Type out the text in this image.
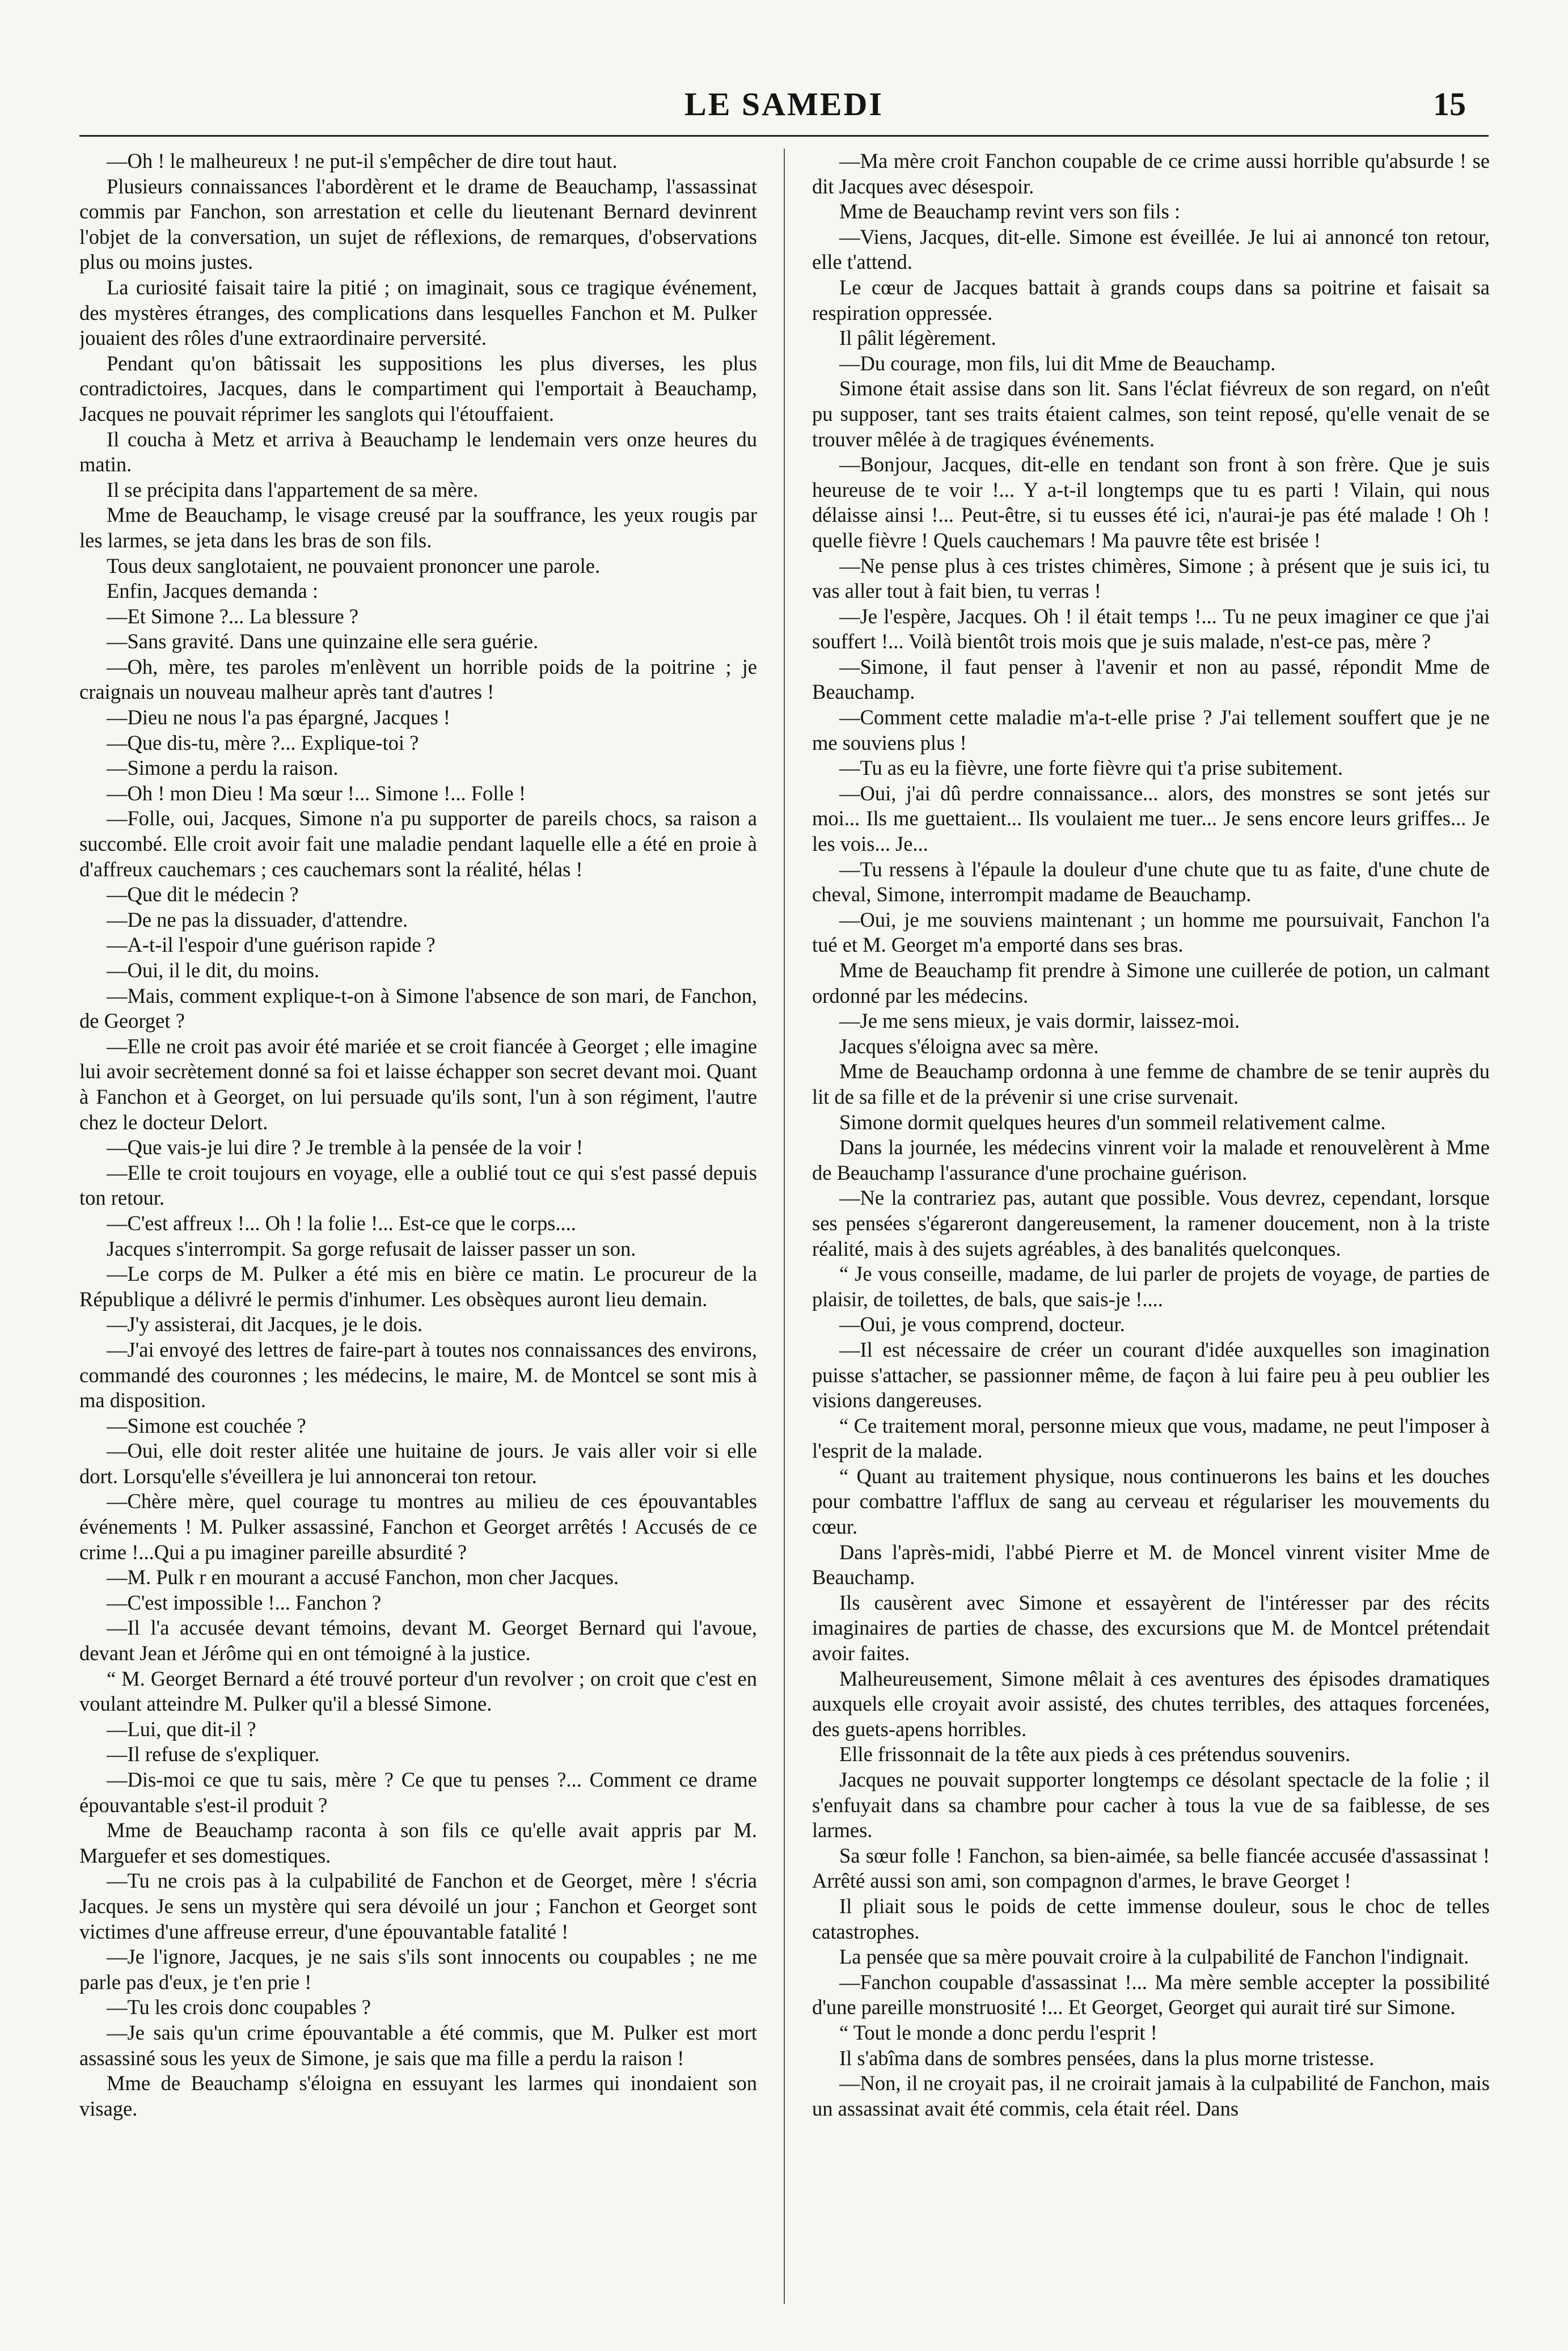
LE SAMEDI	15

—Oh ! le malheureux ! ne put-il s'empêcher de dire tout haut.

Plusieurs connaissances l'abordèrent et le drame de Beauchamp, l'assassinat commis par Fanchon, son arrestation et celle du lieutenant Bernard devinrent l'objet de la conversation, un sujet de réflexions, de remarques, d'observations plus ou moins justes.

La curiosité faisait taire la pitié ; on imaginait, sous ce tragique événement, des mystères étranges, des complications dans lesquelles Fanchon et M. Pulker jouaient des rôles d'une extraordinaire perversité.

Pendant qu'on bâtissait les suppositions les plus diverses, les plus contradictoires, Jacques, dans le compartiment qui l'emportait à Beauchamp, Jacques ne pouvait réprimer les sanglots qui l'étouffaient.

Il coucha à Metz et arriva à Beauchamp le lendemain vers onze heures du matin.

Il se précipita dans l'appartement de sa mère.

Mme de Beauchamp, le visage creusé par la souffrance, les yeux rougis par les larmes, se jeta dans les bras de son fils.

Tous deux sanglotaient, ne pouvaient prononcer une parole.

Enfin, Jacques demanda :

—Et Simone ?... La blessure ?

—Sans gravité. Dans une quinzaine elle sera guérie.

—Oh, mère, tes paroles m'enlèvent un horrible poids de la poitrine ; je craignais un nouveau malheur après tant d'autres !

—Dieu ne nous l'a pas épargné, Jacques !

—Que dis-tu, mère ?... Explique-toi ?

—Simone a perdu la raison.

—Oh ! mon Dieu ! Ma sœur !... Simone !... Folle !

—Folle, oui, Jacques, Simone n'a pu supporter de pareils chocs, sa raison a succombé. Elle croit avoir fait une maladie pendant laquelle elle a été en proie à d'affreux cauchemars ; ces cauchemars sont la réalité, hélas !

—Que dit le médecin ?

—De ne pas la dissuader, d'attendre.

—A-t-il l'espoir d'une guérison rapide ?

—Oui, il le dit, du moins.

—Mais, comment explique-t-on à Simone l'absence de son mari, de Fanchon, de Georget ?

—Elle ne croit pas avoir été mariée et se croit fiancée à Georget ; elle imagine lui avoir secrètement donné sa foi et laisse échapper son secret devant moi. Quant à Fanchon et à Georget, on lui persuade qu'ils sont, l'un à son régiment, l'autre chez le docteur Delort.

—Que vais-je lui dire ? Je tremble à la pensée de la voir !

—Elle te croit toujours en voyage, elle a oublié tout ce qui s'est passé depuis ton retour.

—C'est affreux !... Oh ! la folie !... Est-ce que le corps....

Jacques s'interrompit. Sa gorge refusait de laisser passer un son.

—Le corps de M. Pulker a été mis en bière ce matin. Le procureur de la République a délivré le permis d'inhumer. Les obsèques auront lieu demain.

—J'y assisterai, dit Jacques, je le dois.

—J'ai envoyé des lettres de faire-part à toutes nos connaissances des environs, commandé des couronnes ; les médecins, le maire, M. de Montcel se sont mis à ma disposition.

—Simone est couchée ?

—Oui, elle doit rester alitée une huitaine de jours. Je vais aller voir si elle dort. Lorsqu'elle s'éveillera je lui annoncerai ton retour.

—Chère mère, quel courage tu montres au milieu de ces épouvantables événements ! M. Pulker assassiné, Fanchon et Georget arrêtés ! Accusés de ce crime !...Qui a pu imaginer pareille absurdité ?

—M. Pulk r en mourant a accusé Fanchon, mon cher Jacques.

—C'est impossible !... Fanchon ?

—Il l'a accusée devant témoins, devant M. Georget Bernard qui l'avoue, devant Jean et Jérôme qui en ont témoigné à la justice.

“ M. Georget Bernard a été trouvé porteur d'un revolver ; on croit que c'est en voulant atteindre M. Pulker qu'il a blessé Simone.

—Lui, que dit-il ?

—Il refuse de s'expliquer.

—Dis-moi ce que tu sais, mère ? Ce que tu penses ?... Comment ce drame épouvantable s'est-il produit ?

Mme de Beauchamp raconta à son fils ce qu'elle avait appris par M. Marguefer et ses domestiques.

—Tu ne crois pas à la culpabilité de Fanchon et de Georget, mère ! s'écria Jacques. Je sens un mystère qui sera dévoilé un jour ; Fanchon et Georget sont victimes d'une affreuse erreur, d'une épouvantable fatalité !

—Je l'ignore, Jacques, je ne sais s'ils sont innocents ou coupables ; ne me parle pas d'eux, je t'en prie !

—Tu les crois donc coupables ?

—Je sais qu'un crime épouvantable a été commis, que M. Pulker est mort assassiné sous les yeux de Simone, je sais que ma fille a perdu la raison !

Mme de Beauchamp s'éloigna en essuyant les larmes qui inondaient son visage.

—Ma mère croit Fanchon coupable de ce crime aussi horrible qu'absurde ! se dit Jacques avec désespoir.

Mme de Beauchamp revint vers son fils :

—Viens, Jacques, dit-elle. Simone est éveillée. Je lui ai annoncé ton retour, elle t'attend.

Le cœur de Jacques battait à grands coups dans sa poitrine et faisait sa respiration oppressée.

Il pâlit légèrement.

—Du courage, mon fils, lui dit Mme de Beauchamp.

Simone était assise dans son lit. Sans l'éclat fiévreux de son regard, on n'eût pu supposer, tant ses traits étaient calmes, son teint reposé, qu'elle venait de se trouver mêlée à de tragiques événements.

—Bonjour, Jacques, dit-elle en tendant son front à son frère. Que je suis heureuse de te voir !... Y a-t-il longtemps que tu es parti ! Vilain, qui nous délaisse ainsi !... Peut-être, si tu eusses été ici, n'aurai-je pas été malade ! Oh ! quelle fièvre ! Quels cauchemars ! Ma pauvre tête est brisée !

—Ne pense plus à ces tristes chimères, Simone ; à présent que je suis ici, tu vas aller tout à fait bien, tu verras !

—Je l'espère, Jacques. Oh ! il était temps !... Tu ne peux imaginer ce que j'ai souffert !... Voilà bientôt trois mois que je suis malade, n'est-ce pas, mère ?

—Simone, il faut penser à l'avenir et non au passé, répondit Mme de Beauchamp.

—Comment cette maladie m'a-t-elle prise ? J'ai tellement souffert que je ne me souviens plus !

—Tu as eu la fièvre, une forte fièvre qui t'a prise subitement.

—Oui, j'ai dû perdre connaissance... alors, des monstres se sont jetés sur moi... Ils me guettaient... Ils voulaient me tuer... Je sens encore leurs griffes... Je les vois... Je...

—Tu ressens à l'épaule la douleur d'une chute que tu as faite, d'une chute de cheval, Simone, interrompit madame de Beauchamp.

—Oui, je me souviens maintenant ; un homme me poursuivait, Fanchon l'a tué et M. Georget m'a emporté dans ses bras.

Mme de Beauchamp fit prendre à Simone une cuillerée de potion, un calmant ordonné par les médecins.

—Je me sens mieux, je vais dormir, laissez-moi.

Jacques s'éloigna avec sa mère.

Mme de Beauchamp ordonna à une femme de chambre de se tenir auprès du lit de sa fille et de la prévenir si une crise survenait.

Simone dormit quelques heures d'un sommeil relativement calme.

Dans la journée, les médecins vinrent voir la malade et renouvelèrent à Mme de Beauchamp l'assurance d'une prochaine guérison.

—Ne la contrariez pas, autant que possible. Vous devrez, cependant, lorsque ses pensées s'égareront dangereusement, la ramener doucement, non à la triste réalité, mais à des sujets agréables, à des banalités quelconques.

“ Je vous conseille, madame, de lui parler de projets de voyage, de parties de plaisir, de toilettes, de bals, que sais-je !....

—Oui, je vous comprend, docteur.

—Il est nécessaire de créer un courant d'idée auxquelles son imagination puisse s'attacher, se passionner même, de façon à lui faire peu à peu oublier les visions dangereuses.

“ Ce traitement moral, personne mieux que vous, madame, ne peut l'imposer à l'esprit de la malade.

“ Quant au traitement physique, nous continuerons les bains et les douches pour combattre l'afflux de sang au cerveau et régulariser les mouvements du cœur.

Dans l'après-midi, l'abbé Pierre et M. de Moncel vinrent visiter Mme de Beauchamp.

Ils causèrent avec Simone et essayèrent de l'intéresser par des récits imaginaires de parties de chasse, des excursions que M. de Montcel prétendait avoir faites.

Malheureusement, Simone mêlait à ces aventures des épisodes dramatiques auxquels elle croyait avoir assisté, des chutes terribles, des attaques forcenées, des guets-apens horribles.

Elle frissonnait de la tête aux pieds à ces prétendus souvenirs.

Jacques ne pouvait supporter longtemps ce désolant spectacle de la folie ; il s'enfuyait dans sa chambre pour cacher à tous la vue de sa faiblesse, de ses larmes.

Sa sœur folle ! Fanchon, sa bien-aimée, sa belle fiancée accusée d'assassinat ! Arrêté aussi son ami, son compagnon d'armes, le brave Georget !

Il pliait sous le poids de cette immense douleur, sous le choc de telles catastrophes.

La pensée que sa mère pouvait croire à la culpabilité de Fanchon l'indignait.

—Fanchon coupable d'assassinat !... Ma mère semble accepter la possibilité d'une pareille monstruosité !... Et Georget, Georget qui aurait tiré sur Simone.

“ Tout le monde a donc perdu l'esprit !

Il s'abîma dans de sombres pensées, dans la plus morne tristesse.

—Non, il ne croyait pas, il ne croirait jamais à la culpabilité de Fanchon, mais un assassinat avait été commis, cela était réel. Dans
